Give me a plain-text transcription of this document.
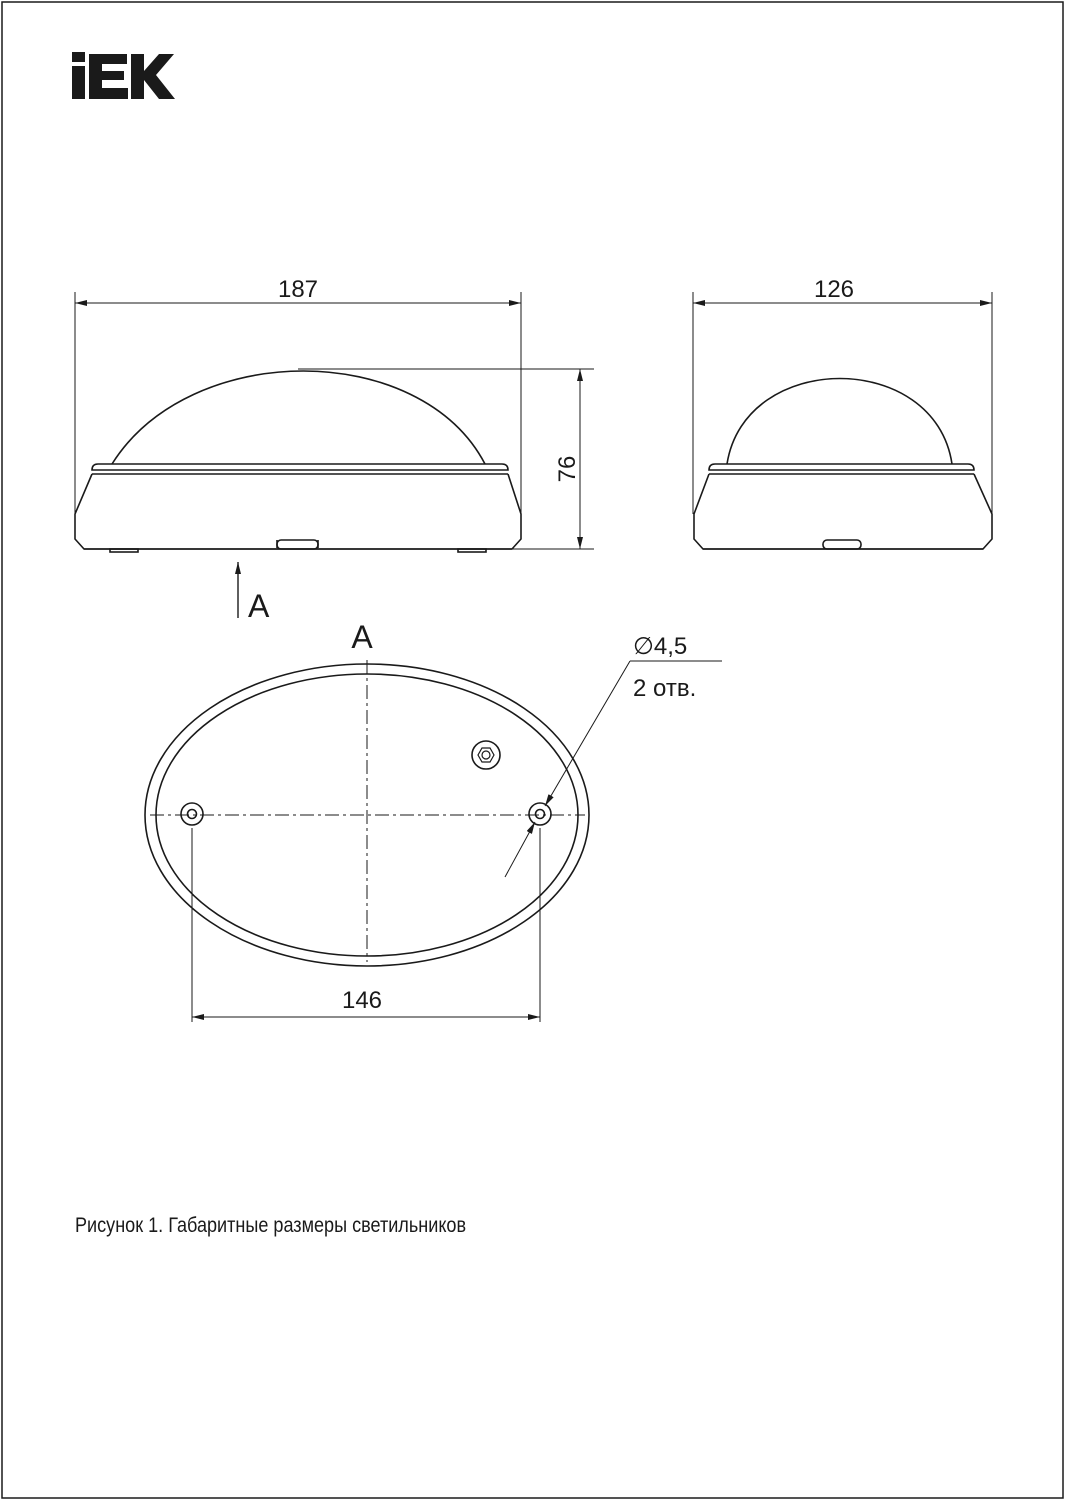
187
76
A
126
A
146
∅4,5
2 отв.
Рисунок 1. Габаритные размеры светильников
